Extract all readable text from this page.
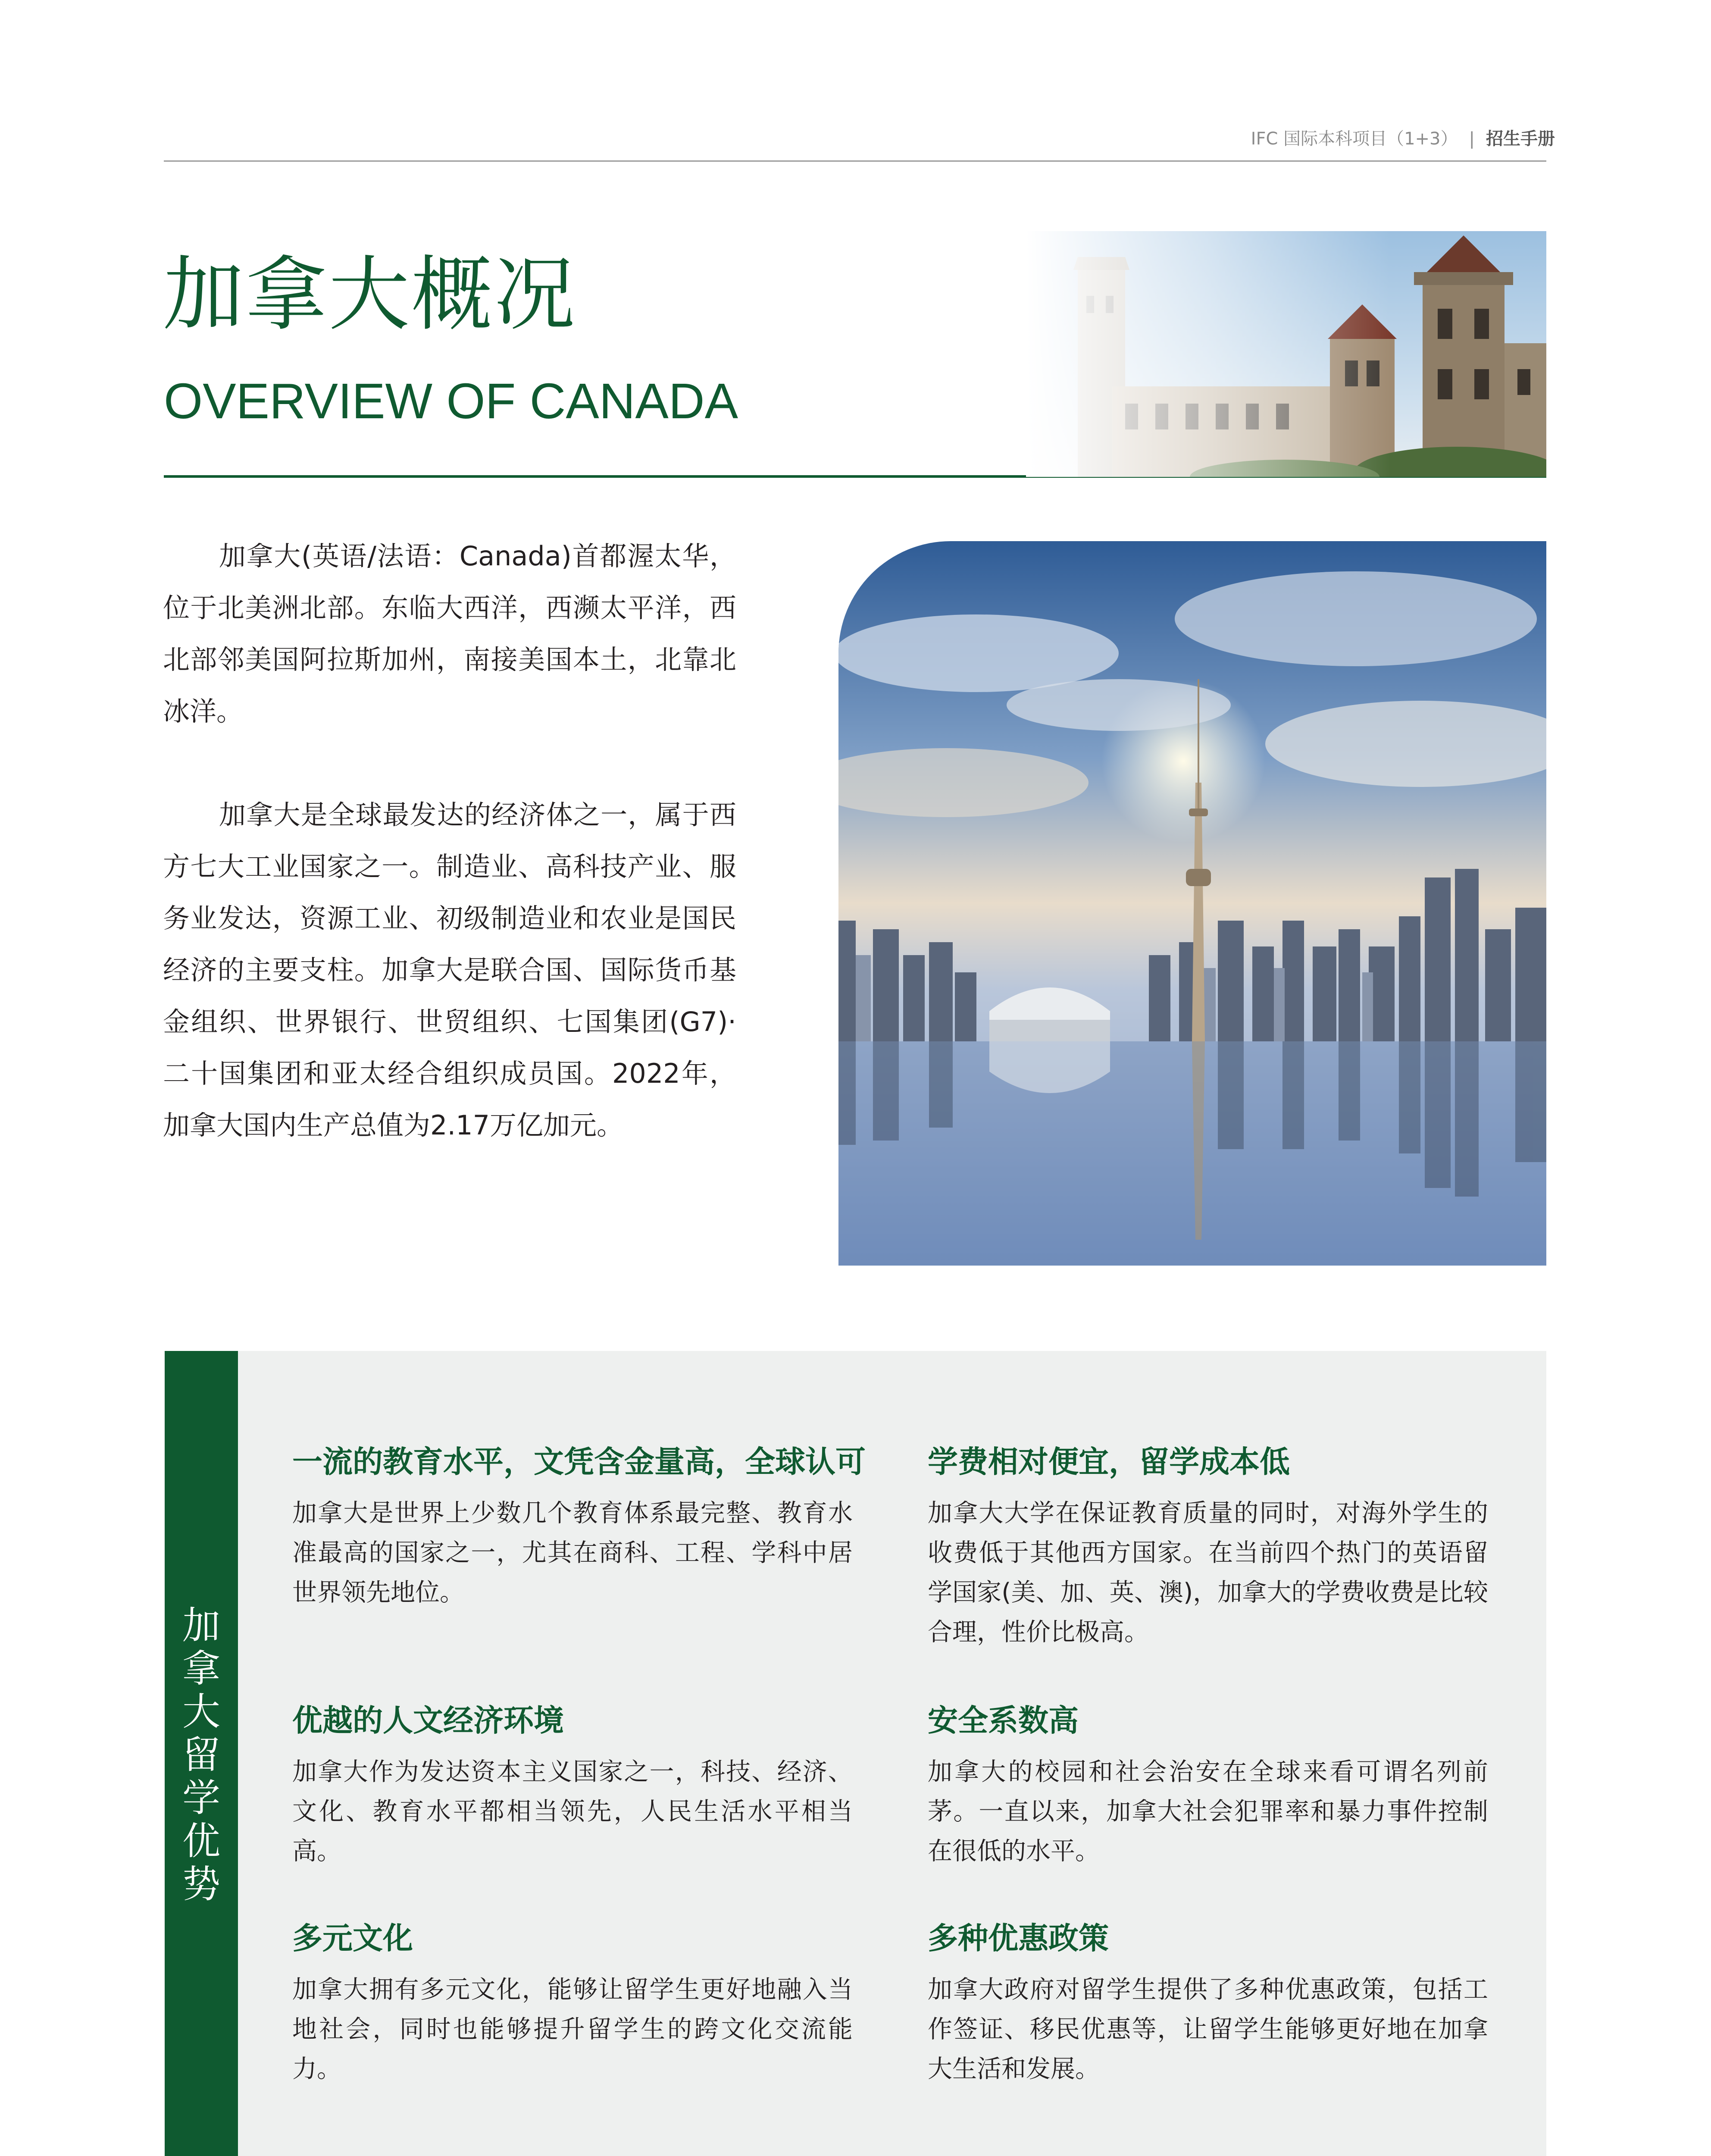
IFC 国际本科项目（1+3） | 招生手册
加拿大概况
OVERVIEW OF CANADA

加拿大(英语/法语：Canada)首都渥太华，位于北美洲北部。东临大西洋，西濒太平洋，西北部邻美国阿拉斯加州，南接美国本土，北靠北冰洋。

加拿大是全球最发达的经济体之一，属于西方七大工业国家之一。制造业、高科技产业、服务业发达，资源工业、初级制造业和农业是国民经济的主要支柱。加拿大是联合国、国际货币基金组织、世界银行、世贸组织、七国集团(G7)·二十国集团和亚太经合组织成员国。2022年，加拿大国内生产总值为2.17万亿加元。

加拿大留学优势
一流的教育水平，文凭含金量高，全球认可

加拿大是世界上少数几个教育体系最完整、教育水准最高的国家之一，尤其在商科、工程、学科中居世界领先地位。

学费相对便宜，留学成本低

加拿大大学在保证教育质量的同时，对海外学生的收费低于其他西方国家。在当前四个热门的英语留学国家(美、加、英、澳)，加拿大的学费收费是比较合理，性价比极高。

优越的人文经济环境

加拿大作为发达资本主义国家之一，科技、经济、文化、教育水平都相当领先，人民生活水平相当高。

安全系数高

加拿大的校园和社会治安在全球来看可谓名列前茅。一直以来，加拿大社会犯罪率和暴力事件控制在很低的水平。

多元文化

加拿大拥有多元文化，能够让留学生更好地融入当地社会，同时也能够提升留学生的跨文化交流能力。

多种优惠政策

加拿大政府对留学生提供了多种优惠政策，包括工作签证、移民优惠等，让留学生能够更好地在加拿大生活和发展。
